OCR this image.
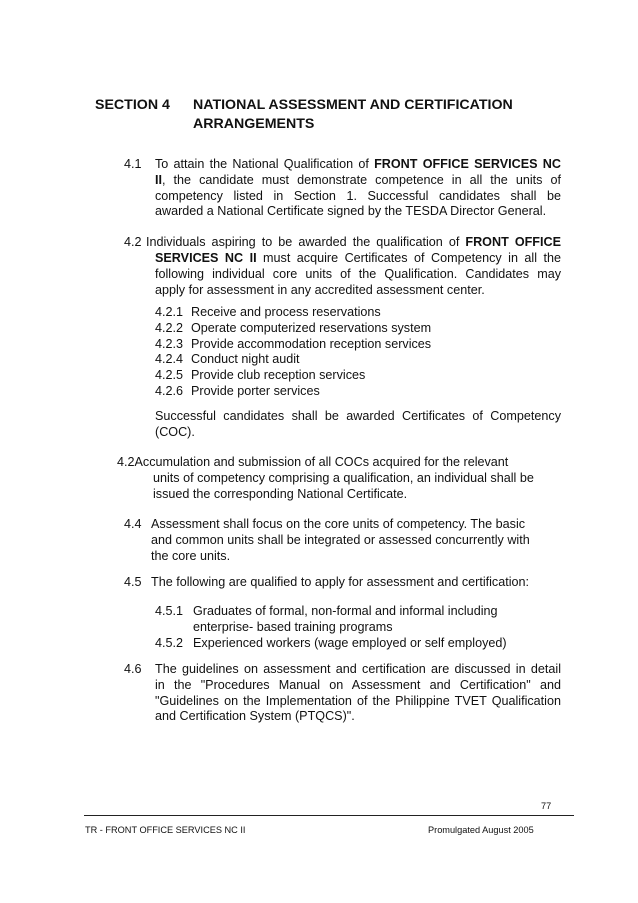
SECTION 4 NATIONAL ASSESSMENT AND CERTIFICATION
ARRANGEMENTS
4.1 To attain the National Qualification of FRONT OFFICE SERVICES NC
II, the candidate must demonstrate competence in all the units of
competency listed in Section 1. Successful candidates shall be
awarded a National Certificate signed by the TESDA Director General.
4.2 Individuals aspiring to be awarded the qualification of FRONT OFFICE
SERVICES NC II must acquire Certificates of Competency in all the
following individual core units of the Qualification. Candidates may
apply for assessment in any accredited assessment center.
4.2.1 Receive and process reservations
4.2.2 Operate computerized reservations system
4.2.3 Provide accommodation reception services
4.2.4 Conduct night audit
4.2.5 Provide club reception services
4.2.6 Provide porter services
Successful candidates shall be awarded Certificates of Competency
(COC).
4.2Accumulation and submission of all COCs acquired for the relevant
units of competency comprising a qualification, an individual shall be
issued the corresponding National Certificate.
4.4 Assessment shall focus on the core units of competency. The basic
and common units shall be integrated or assessed concurrently with
the core units.
4.5 The following are qualified to apply for assessment and certification:
4.5.1 Graduates of formal, non-formal and informal including
enterprise- based training programs
4.5.2 Experienced workers (wage employed or self employed)
4.6 The guidelines on assessment and certification are discussed in detail
in the "Procedures Manual on Assessment and Certification" and
"Guidelines on the Implementation of the Philippine TVET Qualification
and Certification System (PTQCS)".
77
TR - FRONT OFFICE SERVICES NC II	Promulgated August 2005
